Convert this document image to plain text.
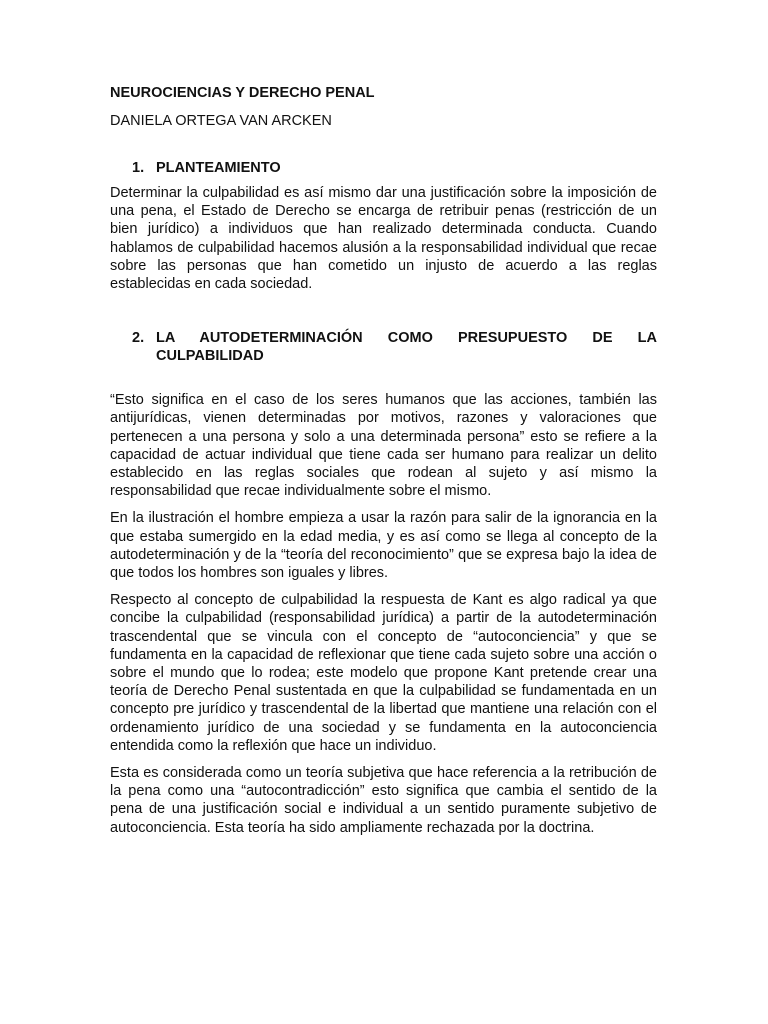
NEUROCIENCIAS Y DERECHO PENAL
DANIELA ORTEGA VAN ARCKEN
1. PLANTEAMIENTO

Determinar la culpabilidad es así mismo dar una justificación sobre la imposición de una pena, el Estado de Derecho se encarga de retribuir penas (restricción de un bien jurídico) a individuos que han realizado determinada conducta. Cuando hablamos de culpabilidad hacemos alusión a la responsabilidad individual que recae sobre las personas que han cometido un injusto de acuerdo a las reglas establecidas en cada sociedad.

2. LA AUTODETERMINACIÓN COMO PRESUPUESTO DE LA CULPABILIDAD

“Esto significa en el caso de los seres humanos que las acciones, también las antijurídicas, vienen determinadas por motivos, razones y valoraciones que pertenecen a una persona y solo a una determinada persona” esto se refiere a la capacidad de actuar individual que tiene cada ser humano para realizar un delito establecido en las reglas sociales que rodean al sujeto y así mismo la responsabilidad que recae individualmente sobre el mismo.

En la ilustración el hombre empieza a usar la razón para salir de la ignorancia en la que estaba sumergido en la edad media, y es así como se llega al concepto de la autodeterminación y de la “teoría del reconocimiento” que se expresa bajo la idea de que todos los hombres son iguales y libres.

Respecto al concepto de culpabilidad la respuesta de Kant es algo radical ya que concibe la culpabilidad (responsabilidad jurídica) a partir de la autodeterminación trascendental que se vincula con el concepto de “autoconciencia” y que se fundamenta en la capacidad de reflexionar que tiene cada sujeto sobre una acción o sobre el mundo que lo rodea; este modelo que propone Kant pretende crear una teoría de Derecho Penal sustentada en que la culpabilidad se fundamentada en un concepto pre jurídico y trascendental de la libertad que mantiene una relación con el ordenamiento jurídico de una sociedad y se fundamenta en la autoconciencia entendida como la reflexión que hace un individuo.

Esta es considerada como un teoría subjetiva que hace referencia a la retribución de la pena como una “autocontradicción” esto significa que cambia el sentido de la pena de una justificación social e individual a un sentido puramente subjetivo de autoconciencia. Esta teoría ha sido ampliamente rechazada por la doctrina.
